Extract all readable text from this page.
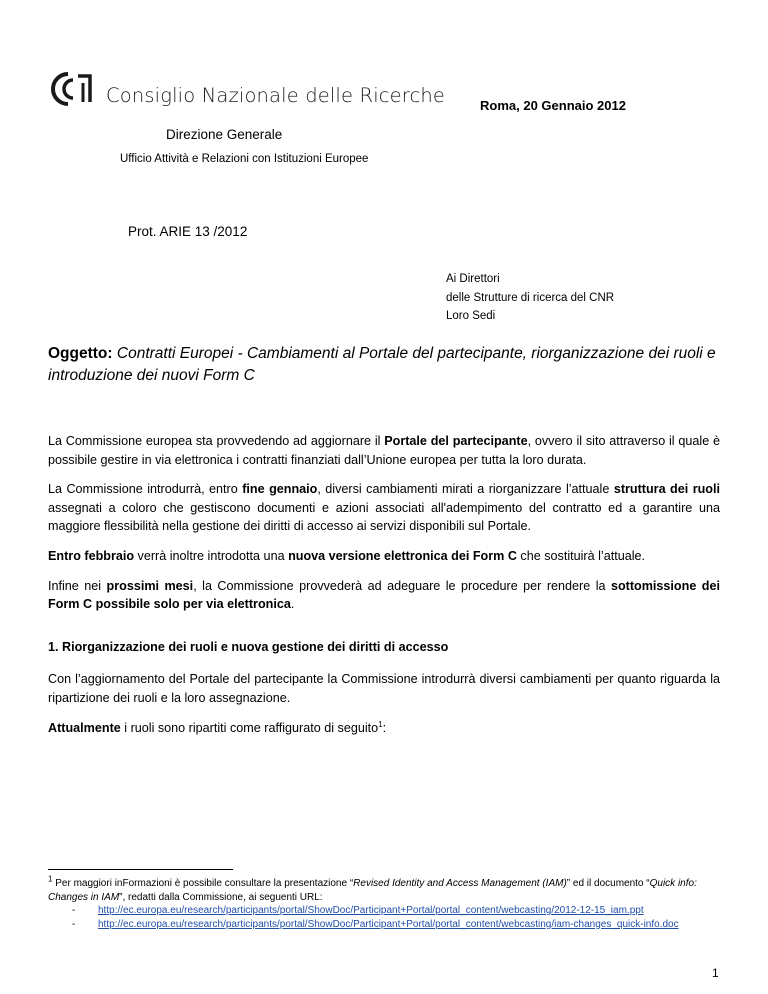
Consiglio Nazionale delle Ricerche	Roma, 20 Gennaio 2012
Direzione Generale
Ufficio Attività e Relazioni con Istituzioni Europee
Prot. ARIE 13 /2012
Ai Direttori
delle Strutture di ricerca del CNR
Loro Sedi
Oggetto: Contratti Europei - Cambiamenti al Portale del partecipante, riorganizzazione dei ruoli e introduzione dei nuovi Form C

La Commissione europea sta provvedendo ad aggiornare il Portale del partecipante, ovvero il sito attraverso il quale è possibile gestire in via elettronica i contratti finanziati dall’Unione europea per tutta la loro durata.

La Commissione introdurrà, entro fine gennaio, diversi cambiamenti mirati a riorganizzare l’attuale struttura dei ruoli assegnati a coloro che gestiscono documenti e azioni associati all'adempimento del contratto ed a garantire una maggiore flessibilità nella gestione dei diritti di accesso ai servizi disponibili sul Portale.

Entro febbraio verrà inoltre introdotta una nuova versione elettronica dei Form C che sostituirà l’attuale.

Infine nei prossimi mesi, la Commissione provvederà ad adeguare le procedure per rendere la sottomissione dei Form C possibile solo per via elettronica.

1. Riorganizzazione dei ruoli e nuova gestione dei diritti di accesso

Con l’aggiornamento del Portale del partecipante la Commissione introdurrà diversi cambiamenti per quanto riguarda la ripartizione dei ruoli e la loro assegnazione.

Attualmente i ruoli sono ripartiti come raffigurato di seguito$^1$:

$^1$ Per maggiori inFormazioni è possibile consultare la presentazione “Revised Identity and Access Management (IAM)” ed il documento “Quick info: Changes in IAM”, redatti dalla Commissione, ai seguenti URL:

- http://ec.europa.eu/research/participants/portal/ShowDoc/Participant+Portal/portal_content/webcasting/2012-12-15_iam.ppt
- http://ec.europa.eu/research/participants/portal/ShowDoc/Participant+Portal/portal_content/webcasting/iam-changes_quick-info.doc
1
